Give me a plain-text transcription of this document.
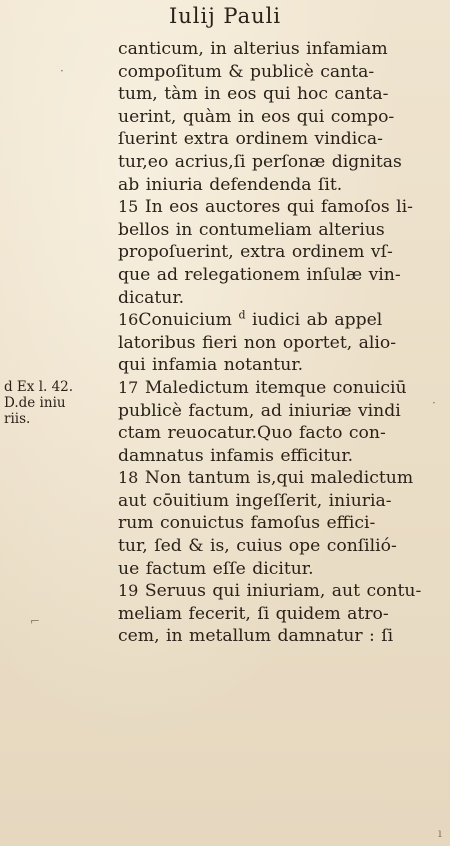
Iulij Pauli
d Ex l. 42.
D.de iniu
riis.
canticum, in alterius infamiam
compoſitum & publicè canta-
tum, tàm in eos qui hoc canta-
uerint, quàm in eos qui compo-
ſuerint extra ordinem vindica-
tur,eo acrius,ſi perſonæ dignitas
ab iniuria defendenda ſit.
15 In eos auctores qui famoſos li-
bellos in contumeliam alterius
propoſuerint, extra ordinem vſ-
que ad relegationem inſulæ vin-
dicatur.
16Conuicium $^d$ iudici ab appel
latoribus fieri non oportet, alio-
qui infamia notantur.
17 Maledictum itemque conuiciū
publicè factum, ad iniuriæ vindi
ctam reuocatur.Quo facto con-
damnatus infamis efficitur.
18 Non tantum is,qui maledictum
aut cōuitium ingeſſerit, iniuria-
rum conuictus famoſus effici-
tur, ſed & is, cuius ope conſilió-
ue factum eſſe dicitur.
19 Seruus qui iniuriam, aut contu-
meliam fecerit, ſi quidem atro-
cem, in metallum damnatur : ſi
·
·
⌐
ı
